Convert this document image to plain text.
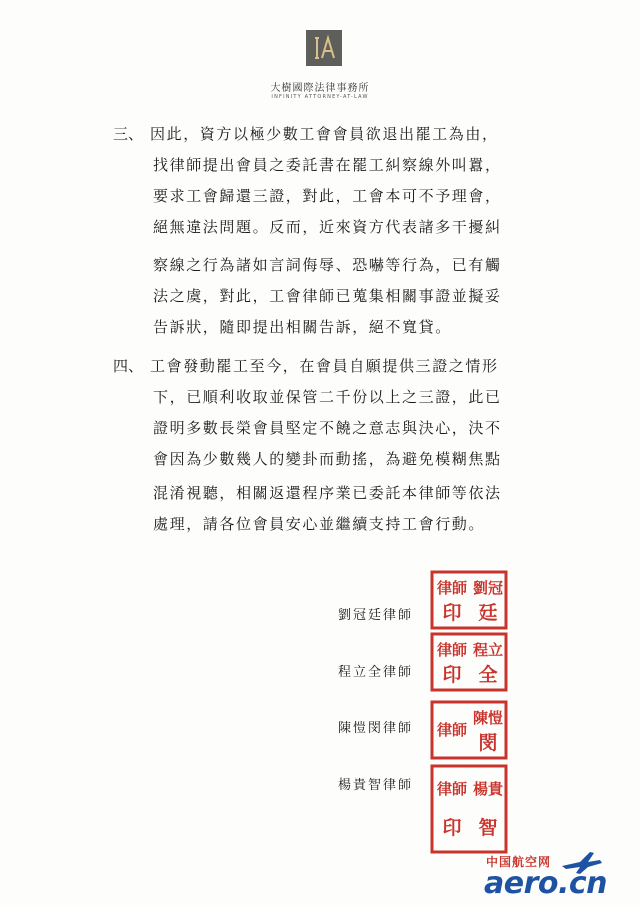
大樹國際法律事務所
INFINITY ATTORNEY-AT-LAW
三、 因此，資方以極少數工會會員欲退出罷工為由，
找律師提出會員之委託書在罷工糾察線外叫囂，
要求工會歸還三證，對此，工會本可不予理會，
絕無違法問題。反而，近來資方代表諸多干擾糾
察線之行為諸如言詞侮辱、恐嚇等行為，已有觸
法之虞，對此，工會律師已蒐集相關事證並擬妥
告訴狀，隨即提出相關告訴，絕不寬貸。
四、 工會發動罷工至今，在會員自願提供三證之情形
下，已順利收取並保管二千份以上之三證，此已
證明多數長榮會員堅定不饒之意志與決心，決不
會因為少數幾人的變卦而動搖，為避免模糊焦點
混淆視聽，相關返還程序業已委託本律師等依法
處理，請各位會員安心並繼續支持工會行動。
劉冠廷律師
程立全律師
陳愷閔律師
楊貴智律師
劉冠
廷
律師
印
程立
全
律師
印
陳愷
閔
律師
楊貴
智
律師
印
中国航空网
aero.cn
